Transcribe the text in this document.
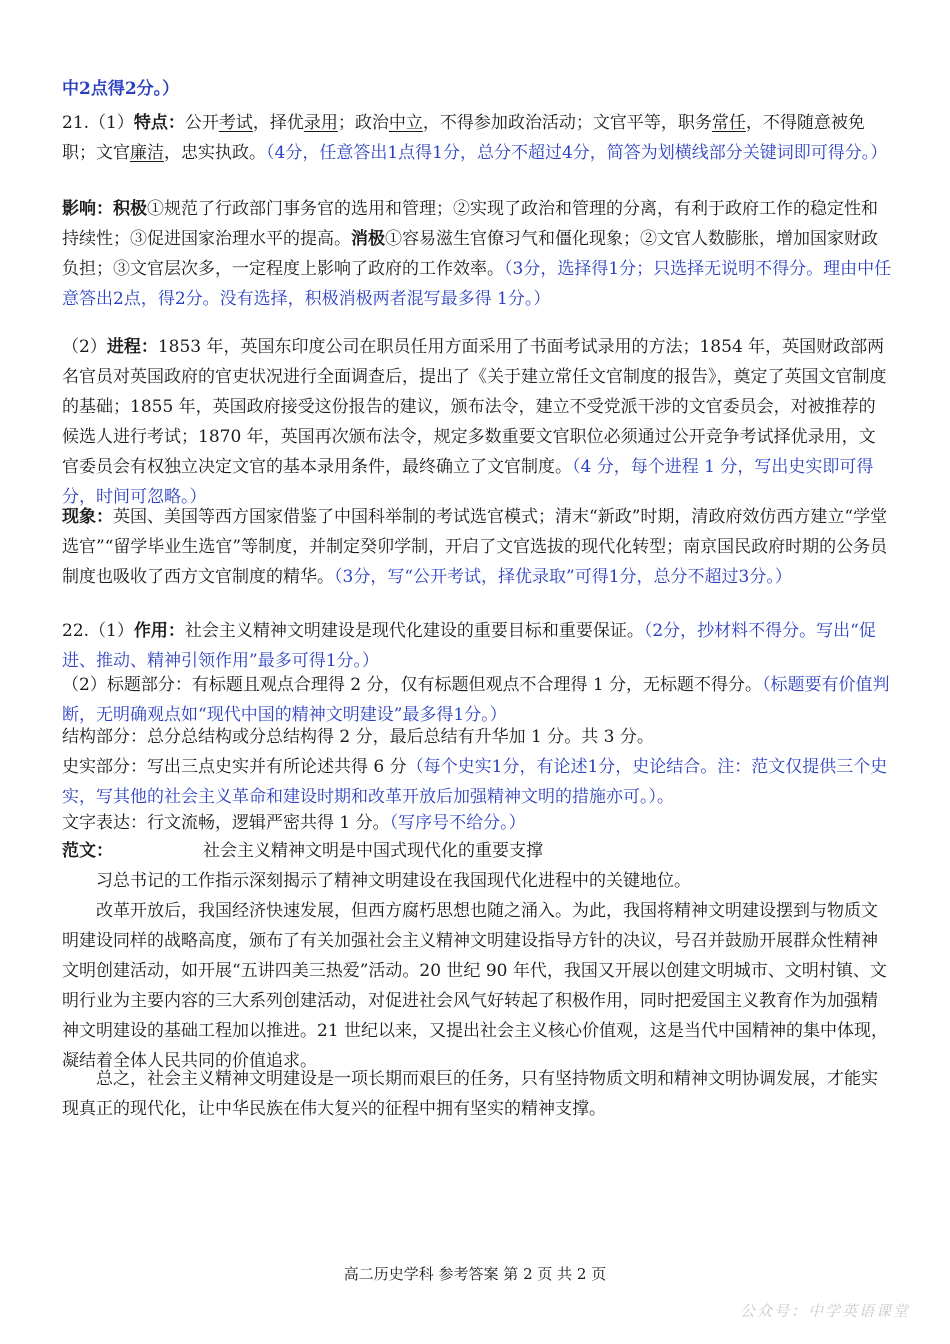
中2点得2分。）
21.（1）特点：公开考试，择优录用；政治中立，不得参加政治活动；文官平等，职务常任，不得随意被免职；文官廉洁，忠实执政。（4分，任意答出1点得1分，总分不超过4分，简答为划横线部分关键词即可得分。）
影响：积极①规范了行政部门事务官的选用和管理；②实现了政治和管理的分离，有利于政府工作的稳定性和持续性；③促进国家治理水平的提高。消极①容易滋生官僚习气和僵化现象；②文官人数膨胀，增加国家财政负担；③文官层次多，一定程度上影响了政府的工作效率。（3分，选择得1分；只选择无说明不得分。理由中任意答出2点，得2分。没有选择，积极消极两者混写最多得 1分。）
（2）进程：1853 年，英国东印度公司在职员任用方面采用了书面考试录用的方法；1854 年，英国财政部两名官员对英国政府的官吏状况进行全面调查后，提出了《关于建立常任文官制度的报告》，奠定了英国文官制度的基础；1855 年，英国政府接受这份报告的建议，颁布法令，建立不受党派干涉的文官委员会，对被推荐的候选人进行考试；1870 年，英国再次颁布法令，规定多数重要文官职位必须通过公开竞争考试择优录用，文官委员会有权独立决定文官的基本录用条件，最终确立了文官制度。（4 分，每个进程 1 分，写出史实即可得分，时间可忽略。）
现象：英国、美国等西方国家借鉴了中国科举制的考试选官模式；清末“新政”时期，清政府效仿西方建立“学堂选官”“留学毕业生选官”等制度，并制定癸卯学制，开启了文官选拔的现代化转型；南京国民政府时期的公务员制度也吸收了西方文官制度的精华。（3分，写“公开考试，择优录取”可得1分，总分不超过3分。）
22.（1）作用：社会主义精神文明建设是现代化建设的重要目标和重要保证。（2分，抄材料不得分。写出“促进、推动、精神引领作用”最多可得1分。）
（2）标题部分：有标题且观点合理得 2 分，仅有标题但观点不合理得 1 分，无标题不得分。（标题要有价值判断，无明确观点如“现代中国的精神文明建设”最多得1分。）
结构部分：总分总结构或分总结构得 2 分，最后总结有升华加 1 分。共 3 分。
史实部分：写出三点史实并有所论述共得 6 分（每个史实1分，有论述1分，史论结合。注：范文仅提供三个史实，写其他的社会主义革命和建设时期和改革开放后加强精神文明的措施亦可。）。
文字表达：行文流畅，逻辑严密共得 1 分。（写序号不给分。）
范文：	社会主义精神文明是中国式现代化的重要支撑
习总书记的工作指示深刻揭示了精神文明建设在我国现代化进程中的关键地位。
改革开放后，我国经济快速发展，但西方腐朽思想也随之涌入。为此，我国将精神文明建设摆到与物质文明建设同样的战略高度，颁布了有关加强社会主义精神文明建设指导方针的决议，号召并鼓励开展群众性精神文明创建活动，如开展“五讲四美三热爱”活动。20 世纪 90 年代，我国又开展以创建文明城市、文明村镇、文明行业为主要内容的三大系列创建活动，对促进社会风气好转起了积极作用，同时把爱国主义教育作为加强精神文明建设的基础工程加以推进。21 世纪以来，又提出社会主义核心价值观，这是当代中国精神的集中体现，凝结着全体人民共同的价值追求。
总之，社会主义精神文明建设是一项长期而艰巨的任务，只有坚持物质文明和精神文明协调发展，才能实现真正的现代化，让中华民族在伟大复兴的征程中拥有坚实的精神支撑。
高二历史学科 参考答案 第 2 页 共 2 页
公众号：中学英语课堂
